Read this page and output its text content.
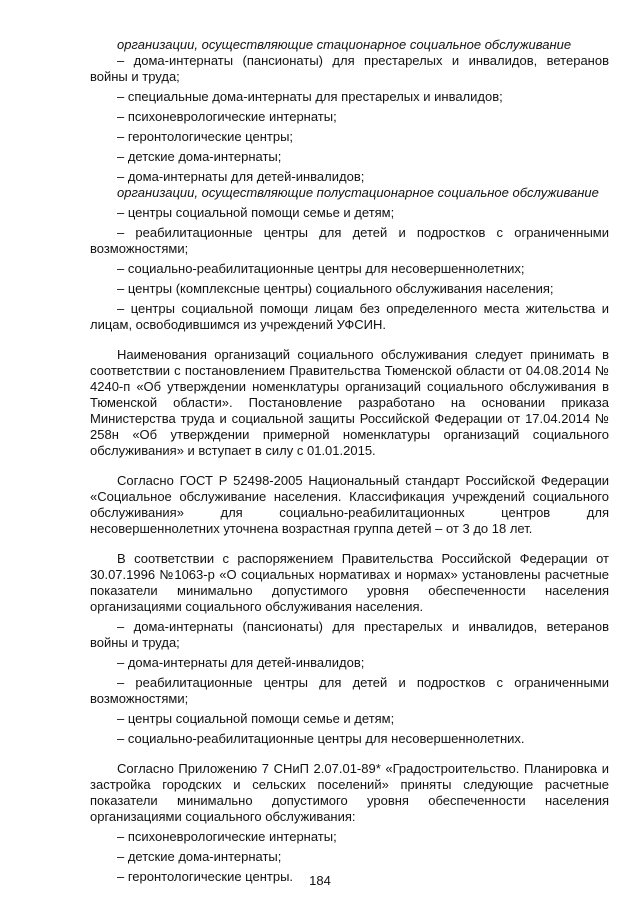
организации, осуществляющие стационарное социальное обслуживание

– дома-интернаты (пансионаты) для престарелых и инвалидов, ветеранов войны и труда;

– специальные дома-интернаты для престарелых и инвалидов;

– психоневрологические интернаты;

– геронтологические центры;

– детские дома-интернаты;

– дома-интернаты для детей-инвалидов;

организации, осуществляющие полустационарное социальное обслуживание

– центры социальной помощи семье и детям;

– реабилитационные центры для детей и подростков с ограниченными возможностями;

– социально-реабилитационные центры для несовершеннолетних;

– центры (комплексные центры) социального обслуживания населения;

– центры социальной помощи лицам без определенного места жительства и лицам, освободившимся из учреждений УФСИН.

Наименования организаций социального обслуживания следует принимать в соответствии с постановлением Правительства Тюменской области от 04.08.2014 № 4240-п «Об утверждении номенклатуры организаций социального обслуживания в Тюменской области». Постановление разработано на основании приказа Министерства труда и социальной защиты Российской Федерации от 17.04.2014 № 258н «Об утверждении примерной номенклатуры организаций социального обслуживания» и вступает в силу с 01.01.2015.

Согласно ГОСТ Р 52498-2005 Национальный стандарт Российской Федерации «Социальное обслуживание населения. Классификация учреждений социального обслуживания» для социально-реабилитационных центров для несовершеннолетних уточнена возрастная группа детей – от 3 до 18 лет.

В соответствии с распоряжением Правительства Российской Федерации от 30.07.1996 №1063-р «О социальных нормативах и нормах» установлены расчетные показатели минимально допустимого уровня обеспеченности населения организациями социального обслуживания населения.

– дома-интернаты (пансионаты) для престарелых и инвалидов, ветеранов войны и труда;

– дома-интернаты для детей-инвалидов;

– реабилитационные центры для детей и подростков с ограниченными возможностями;

– центры социальной помощи семье и детям;

– социально-реабилитационные центры для несовершеннолетних.

Согласно Приложению 7 СНиП 2.07.01-89* «Градостроительство. Планировка и застройка городских и сельских поселений» приняты следующие расчетные показатели минимально допустимого уровня обеспеченности населения организациями социального обслуживания:

– психоневрологические интернаты;

– детские дома-интернаты;

– геронтологические центры.	184
